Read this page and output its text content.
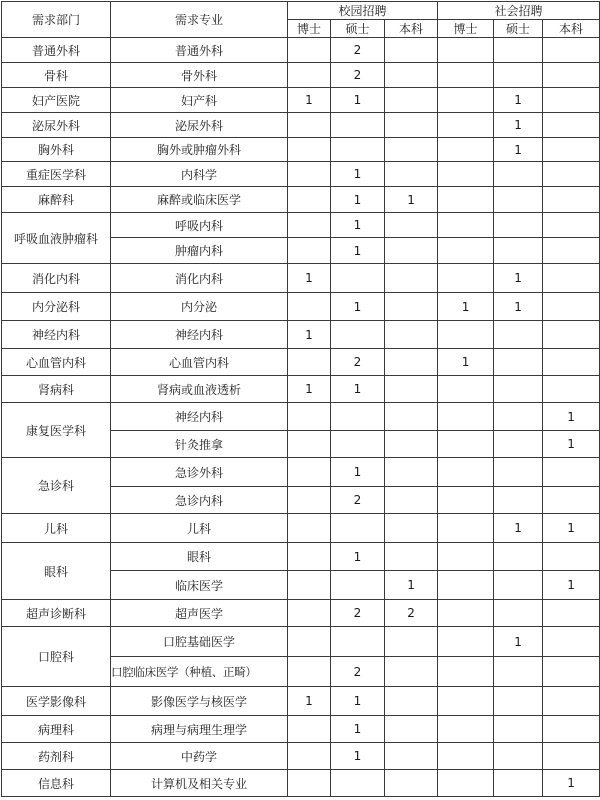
需求部门	需求专业	校园招聘			社会招聘		
		博士	硕士	本科	博士	硕士	本科
普通外科	普通外科		2				
骨科	骨外科		2				
妇产医院	妇产科	1	1			1	
泌尿外科	泌尿外科					1	
胸外科	胸外或肿瘤外科					1	
重症医学科	内科学		1				
麻醉科	麻醉或临床医学		1	1			
呼吸血液肿瘤科	呼吸内科		1				
	肿瘤内科		1				
消化内科	消化内科	1				1	
内分泌科	内分泌		1		1	1	
神经内科	神经内科	1					
心血管内科	心血管内科		2		1		
肾病科	肾病或血液透析	1	1				
康复医学科	神经内科						1
	针灸推拿						1
急诊科	急诊外科		1				
	急诊内科		2				
儿科	儿科					1	1
眼科	眼科		1				
	临床医学			1			1
超声诊断科	超声医学		2	2			
口腔科	口腔基础医学					1	
	口腔临床医学（种植、正畸）		2				
医学影像科	影像医学与核医学	1	1				
病理科	病理与病理生理学		1				
药剂科	中药学		1				
信息科	计算机及相关专业						1
